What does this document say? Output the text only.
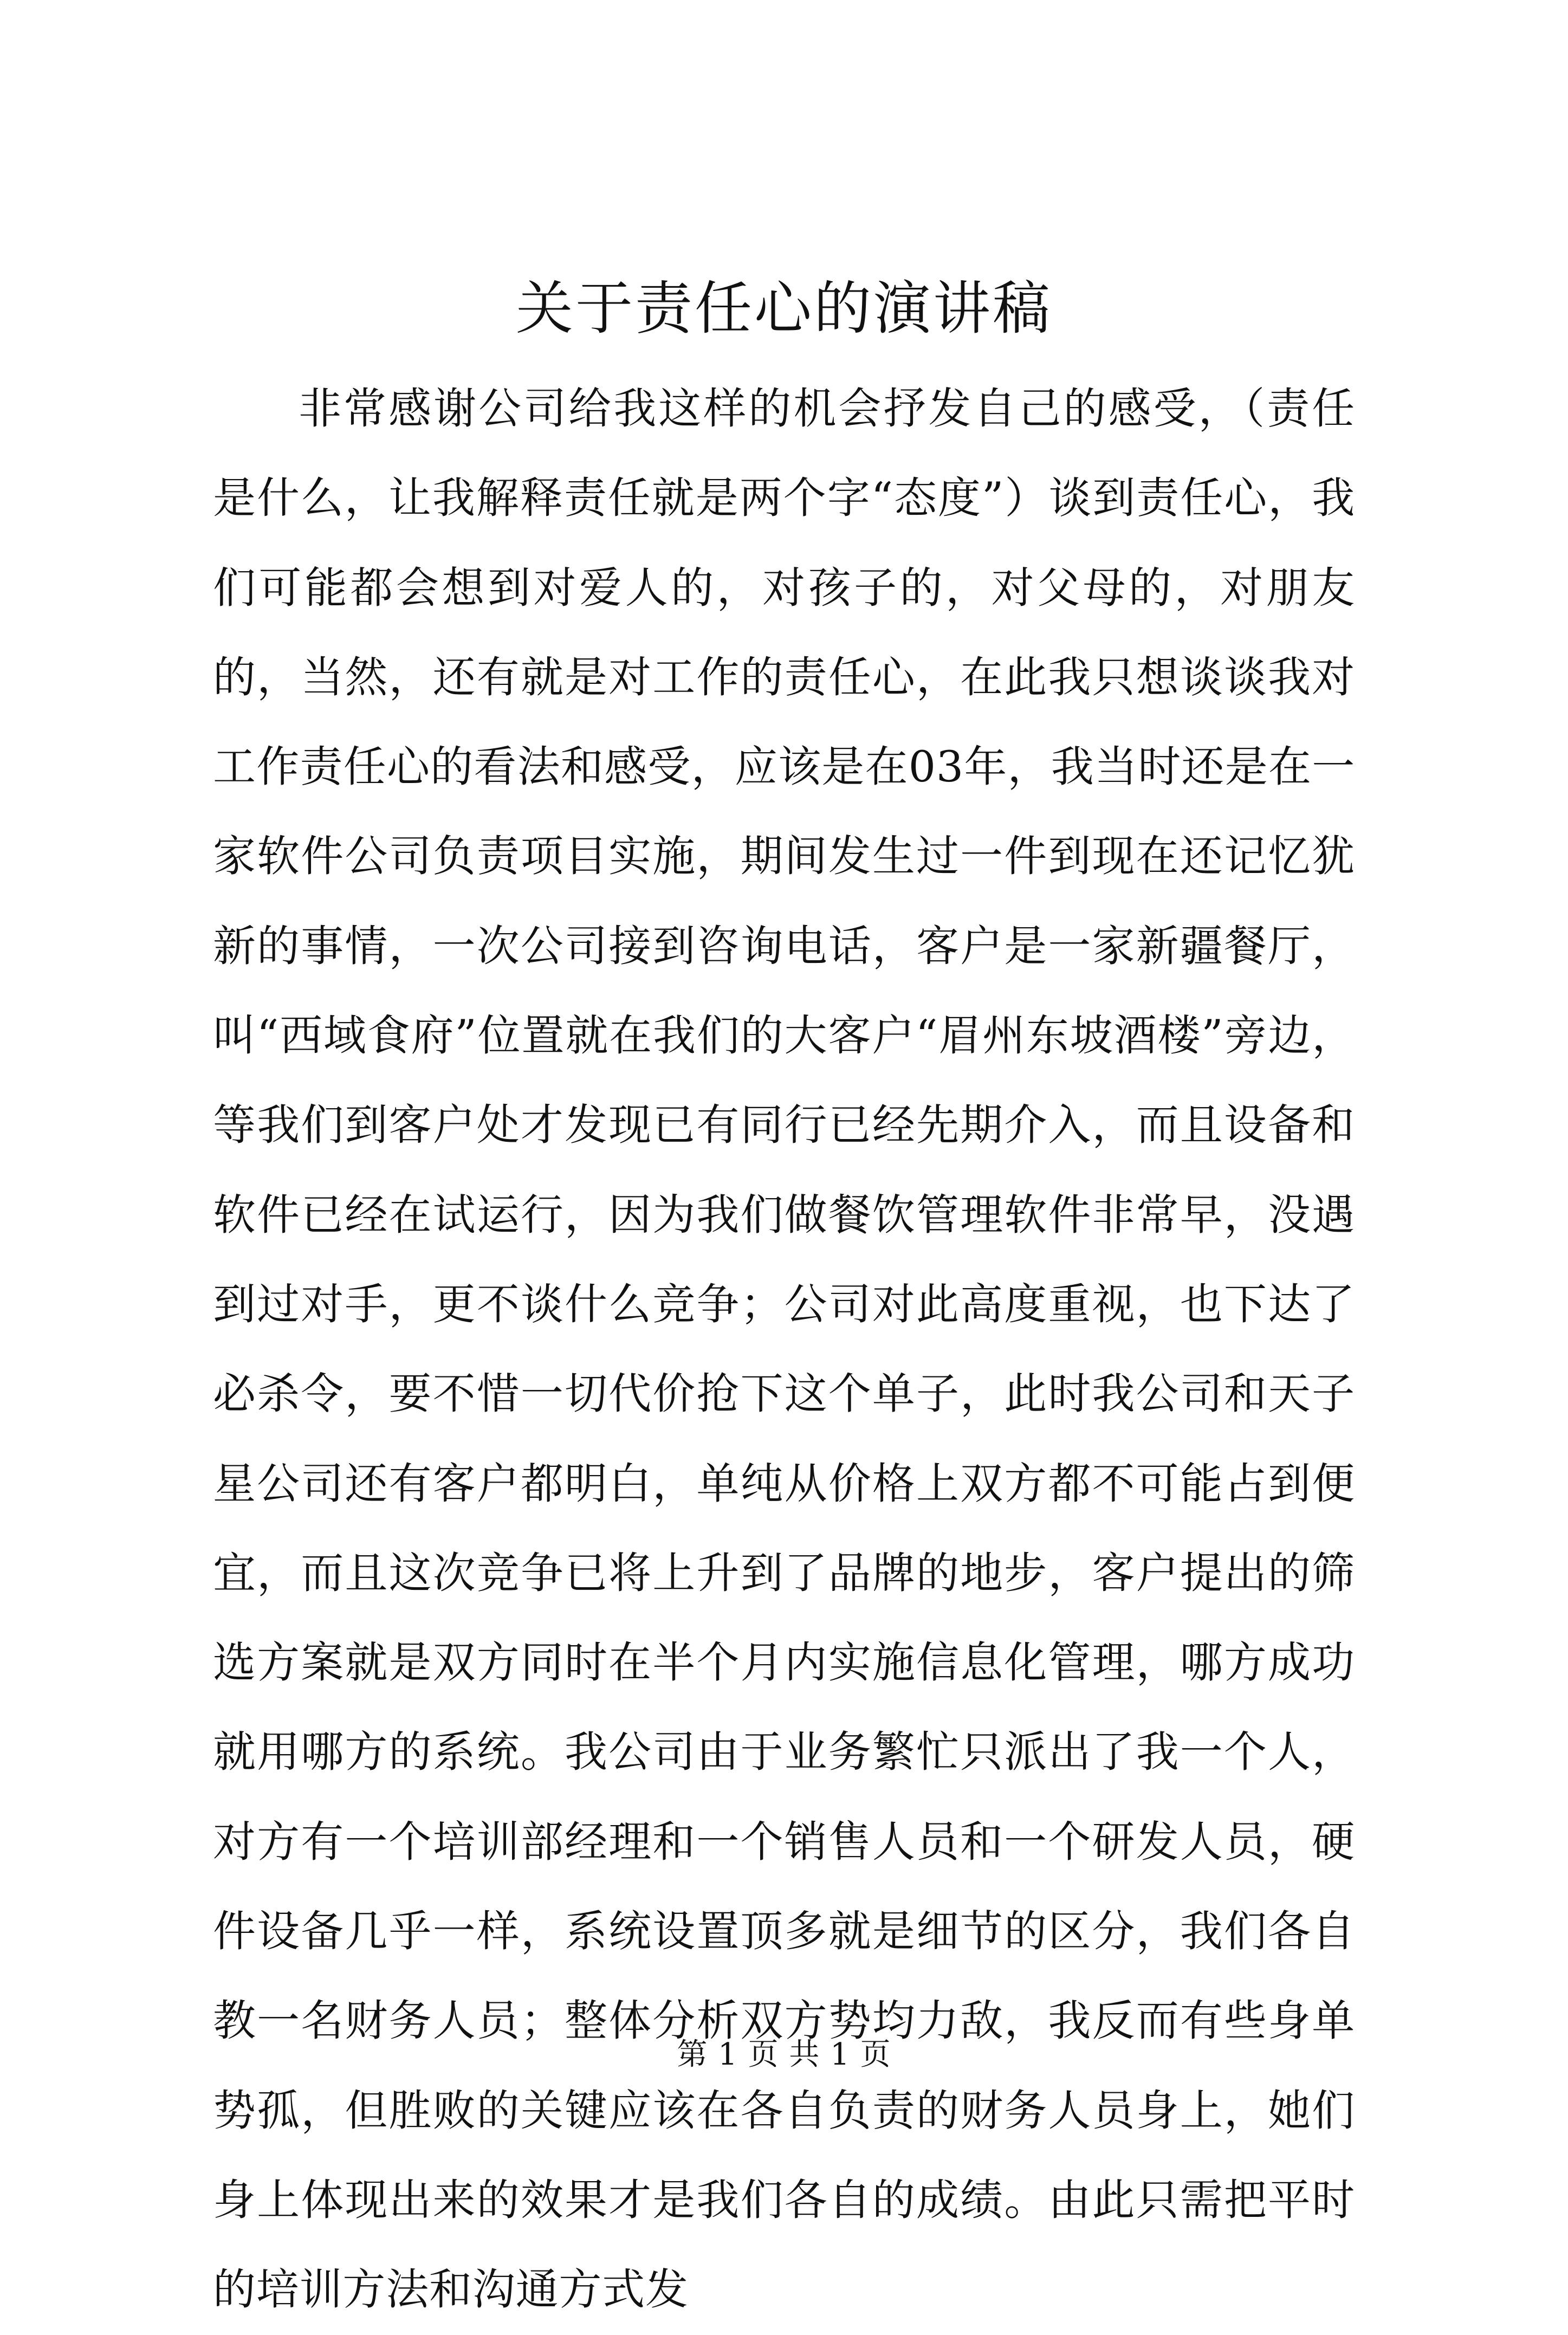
关于责任心的演讲稿

非常感谢公司给我这样的机会抒发自己的感受，（责任是什么，让我解释责任就是两个字“态度”）谈到责任心，我们可能都会想到对爱人的，对孩子的，对父母的，对朋友的，当然，还有就是对工作的责任心，在此我只想谈谈我对工作责任心的看法和感受，应该是在03年，我当时还是在一家软件公司负责项目实施，期间发生过一件到现在还记忆犹新的事情，一次公司接到咨询电话，客户是一家新疆餐厅，叫“西域食府”位置就在我们的大客户“眉州东坡酒楼”旁边，等我们到客户处才发现已有同行已经先期介入，而且设备和软件已经在试运行，因为我们做餐饮管理软件非常早，没遇到过对手，更不谈什么竞争；公司对此高度重视，也下达了必杀令，要不惜一切代价抢下这个单子，此时我公司和天子星公司还有客户都明白，单纯从价格上双方都不可能占到便宜，而且这次竞争已将上升到了品牌的地步，客户提出的筛选方案就是双方同时在半个月内实施信息化管理，哪方成功就用哪方的系统。我公司由于业务繁忙只派出了我一个人，对方有一个培训部经理和一个销售人员和一个研发人员，硬件设备几乎一样，系统设置顶多就是细节的区分，我们各自教一名财务人员；整体分析双方势均力敌，我反而有些身单势孤，但胜败的关键应该在各自负责的财务人员身上，她们身上体现出来的效果才是我们各自的成绩。由此只需把平时的培训方法和沟通方式发

第 1 页 共 1 页
